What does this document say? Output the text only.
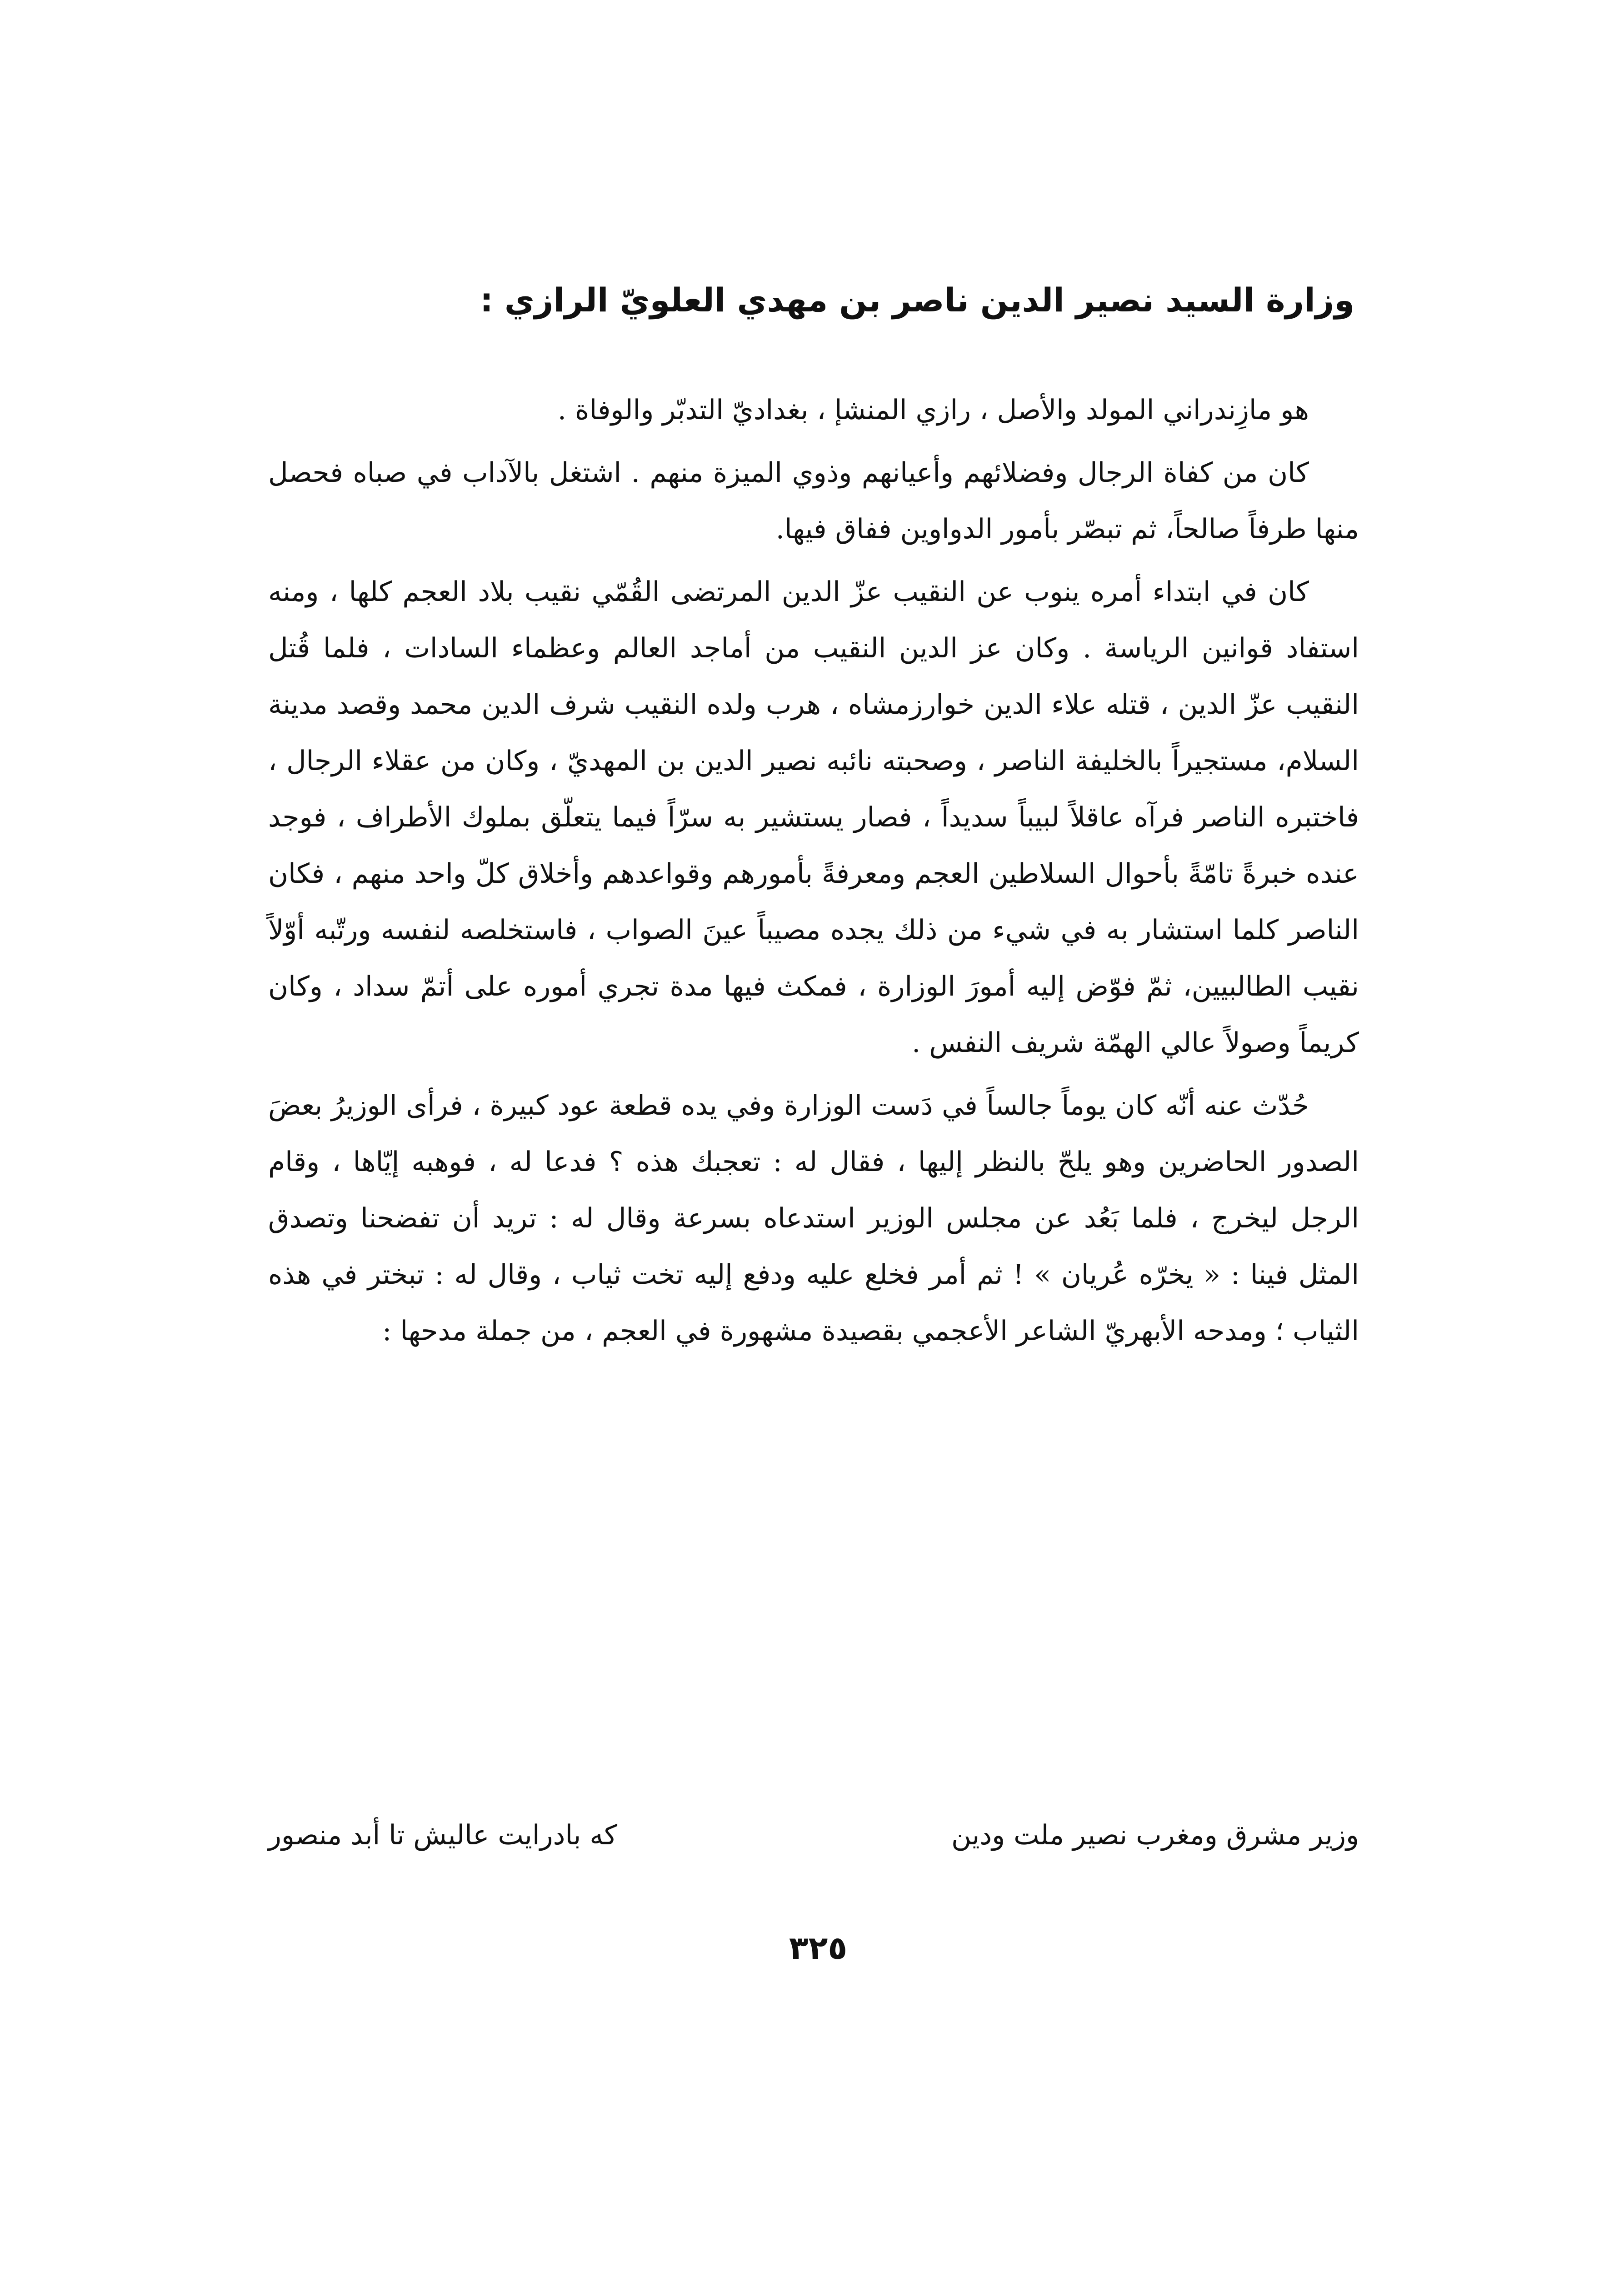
وزارة السيد نصير الدين ناصر بن مهدي العلويّ الرازي :

هو مازِندراني المولد والأصل ، رازي المنشإ ، بغداديّ التدبّر والوفاة .

كان من كفاة الرجال وفضلائهم وأعيانهم وذوي الميزة منهم . اشتغل بالآداب في صباه فحصل منها طرفاً صالحاً، ثم تبصّر بأمور الدواوين ففاق فيها.

كان في ابتداء أمره ينوب عن النقيب عزّ الدين المرتضى القُمّي نقيب بلاد العجم كلها ، ومنه استفاد قوانين الرياسة . وكان عز الدين النقيب من أماجد العالم وعظماء السادات ، فلما قُتل النقيب عزّ الدين ، قتله علاء الدين خوارزمشاه ، هرب ولده النقيب شرف الدين محمد وقصد مدينة السلام، مستجيراً بالخليفة الناصر ، وصحبته نائبه نصير الدين بن المهديّ ، وكان من عقلاء الرجال ، فاختبره الناصر فرآه عاقلاً لبيباً سديداً ، فصار يستشير به سرّاً فيما يتعلّق بملوك الأطراف ، فوجد عنده خبرةً تامّةً بأحوال السلاطين العجم ومعرفةً بأمورهم وقواعدهم وأخلاق كلّ واحد منهم ، فكان الناصر كلما استشار به في شيء من ذلك يجده مصيباً عينَ الصواب ، فاستخلصه لنفسه ورتّبه أوّلاً نقيب الطالبيين، ثمّ فوّض إليه أمورَ الوزارة ، فمكث فيها مدة تجري أموره على أتمّ سداد ، وكان كريماً وصولاً عالي الهمّة شريف النفس .

حُدّث عنه أنّه كان يوماً جالساً في دَست الوزارة وفي يده قطعة عود كبيرة ، فرأى الوزيرُ بعضَ الصدور الحاضرين وهو يلحّ بالنظر إليها ، فقال له : تعجبك هذه ؟ فدعا له ، فوهبه إيّاها ، وقام الرجل ليخرج ، فلما بَعُد عن مجلس الوزير استدعاه بسرعة وقال له : تريد أن تفضحنا وتصدق المثل فينا : « يخرّه عُريان » ! ثم أمر فخلع عليه ودفع إليه تخت ثياب ، وقال له : تبختر في هذه الثياب ؛ ومدحه الأبهريّ الشاعر الأعجمي بقصيدة مشهورة في العجم ، من جملة مدحها :

وزير مشرق ومغرب نصير ملت ودين
كه بادرايت عاليش تا أبد منصور
٣٢٥
